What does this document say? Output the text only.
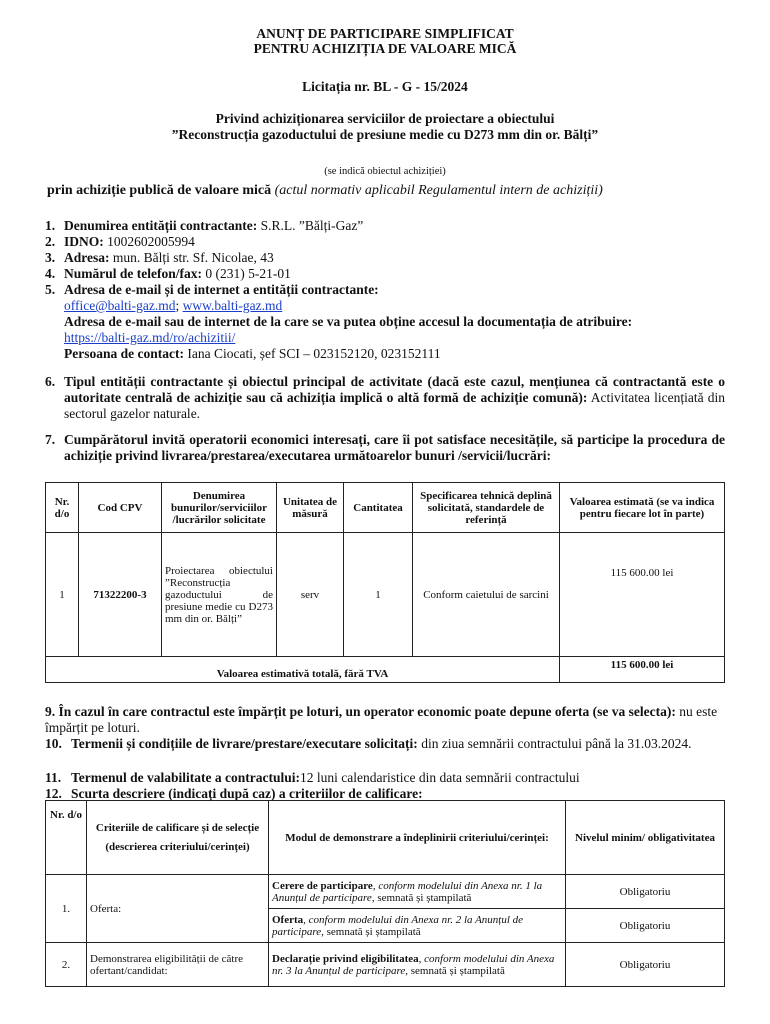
ANUNȚ DE PARTICIPARE SIMPLIFICAT
PENTRU ACHIZIȚIA DE VALOARE MICĂ
Licitația nr. BL - G - 15/2024
Privind achiziționarea serviciilor de proiectare a obiectului
”Reconstrucția gazoductului de presiune medie cu D273 mm din or. Bălți”
(se indică obiectul achiziției)
prin achiziție publică de valoare mică (actul normativ aplicabil Regulamentul intern de achiziții)
1. Denumirea entității contractante: S.R.L. ”Bălți-Gaz”
2. IDNO: 1002602005994
3. Adresa: mun. Bălți str. Sf. Nicolae, 43
4. Numărul de telefon/fax: 0 (231) 5-21-01
5. Adresa de e-mail și de internet a entității contractante:
office@balti-gaz.md; www.balti-gaz.md
Adresa de e-mail sau de internet de la care se va putea obține accesul la documentația de atribuire:
https://balti-gaz.md/ro/achizitii/
Persoana de contact: Iana Ciocati, șef SCI – 023152120, 023152111
6. Tipul entității contractante și obiectul principal de activitate (dacă este cazul, mențiunea că contractantă este o autoritate centrală de achiziție sau că achiziția implică o altă formă de achiziție comună): Activitatea licențiată din sectorul gazelor naturale.
7. Cumpărătorul invită operatorii economici interesați, care îi pot satisface necesitățile, să participe la procedura de achiziție privind livrarea/prestarea/executarea următoarelor bunuri /servicii/lucrări:
Nr. d/o	Cod CPV	Denumirea bunurilor/serviciilor /lucrărilor solicitate	Unitatea de măsură	Cantitatea	Specificarea tehnică deplină solicitată, standardele de referință	Valoarea estimată (se va indica pentru fiecare lot în parte)
1	71322200-3	Proiectarea obiectului ”Reconstrucția gazoductului de presiune medie cu D273 mm din or. Bălți”	serv	1	Conform caietului de sarcini	115 600.00 lei
Valoarea estimativă totală, fără TVA						115 600.00 lei
9. În cazul în care contractul este împărțit pe loturi, un operator economic poate depune oferta (se va selecta): nu este împărțit pe loturi.
10. Termenii și condițiile de livrare/prestare/executare solicitați: din ziua semnării contractului până la 31.03.2024.
11. Termenul de valabilitate a contractului:12 luni calendaristice din data semnării contractului
12. Scurta descriere (indicați după caz) a criteriilor de calificare:
Nr. d/o	Criteriile de calificare și de selecție (descrierea criteriului/cerinței)	Modul de demonstrare a îndeplinirii criteriului/cerinței:	Nivelul minim/ obligativitatea
1.	Oferta:	Cerere de participare, conform modelului din Anexa nr. 1 la Anunțul de participare, semnată și ștampilată	Obligatoriu
		Oferta, conform modelului din Anexa nr. 2 la Anunțul de participare, semnată și ștampilată	Obligatoriu
2.	Demonstrarea eligibilității de către ofertant/candidat:	Declarație privind eligibilitatea, conform modelului din Anexa nr. 3 la Anunțul de participare, semnată și ștampilată	Obligatoriu
